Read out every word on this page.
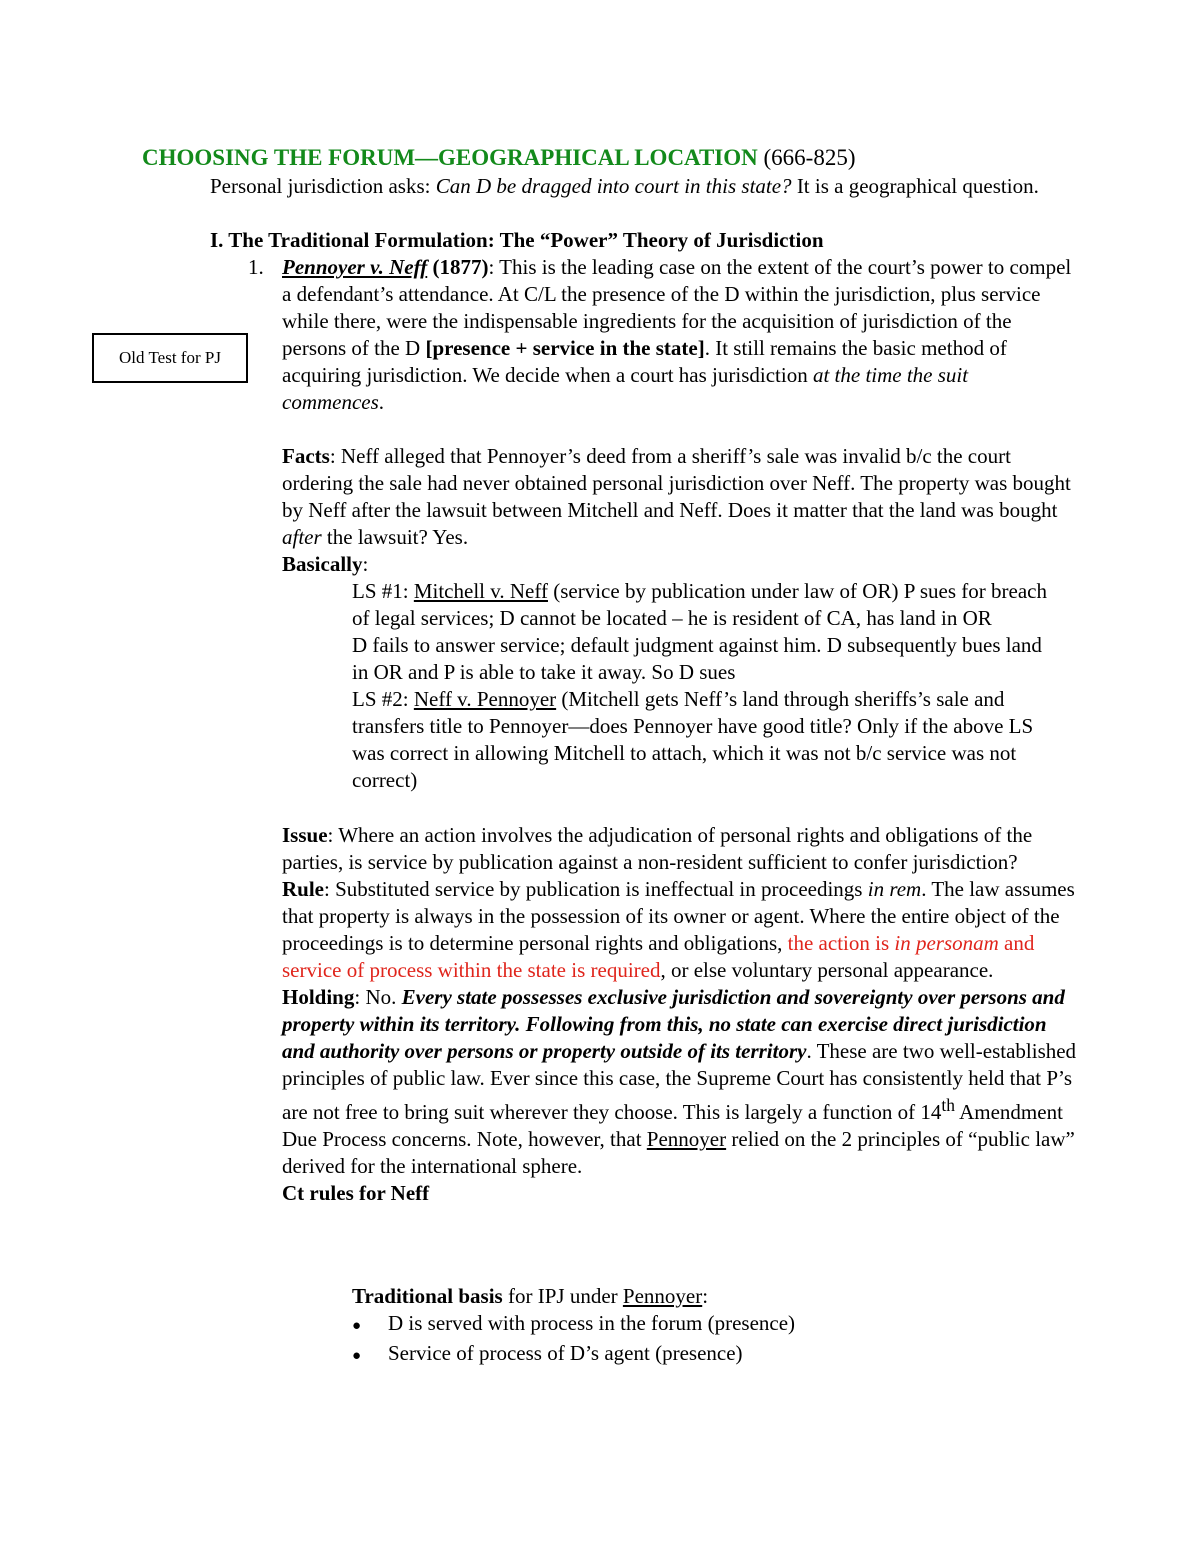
CHOOSING THE FORUM—GEOGRAPHICAL LOCATION (666-825)
Personal jurisdiction asks: Can D be dragged into court in this state? It is a geographical question.
I. The Traditional Formulation: The “Power” Theory of Jurisdiction
Old Test for PJ
1. Pennoyer v. Neff (1877): This is the leading case on the extent of the court’s power to compel a defendant’s attendance. At C/L the presence of the D within the jurisdiction, plus service while there, were the indispensable ingredients for the acquisition of jurisdiction of the persons of the D [presence + service in the state]. It still remains the basic method of acquiring jurisdiction. We decide when a court has jurisdiction at the time the suit commences.

Facts: Neff alleged that Pennoyer’s deed from a sheriff’s sale was invalid b/c the court ordering the sale had never obtained personal jurisdiction over Neff. The property was bought by Neff after the lawsuit between Mitchell and Neff. Does it matter that the land was bought after the lawsuit? Yes.

Basically:

LS #1: Mitchell v. Neff (service by publication under law of OR) P sues for breach of legal services; D cannot be located – he is resident of CA, has land in OR

D fails to answer service; default judgment against him. D subsequently bues land in OR and P is able to take it away. So D sues

LS #2: Neff v. Pennoyer (Mitchell gets Neff’s land through sheriffs’s sale and transfers title to Pennoyer—does Pennoyer have good title? Only if the above LS was correct in allowing Mitchell to attach, which it was not b/c service was not correct)

Issue: Where an action involves the adjudication of personal rights and obligations of the parties, is service by publication against a non-resident sufficient to confer jurisdiction?

Rule: Substituted service by publication is ineffectual in proceedings in rem. The law assumes that property is always in the possession of its owner or agent. Where the entire object of the proceedings is to determine personal rights and obligations, the action is in personam and service of process within the state is required, or else voluntary personal appearance.

Holding: No. Every state possesses exclusive jurisdiction and sovereignty over persons and property within its territory. Following from this, no state can exercise direct jurisdiction and authority over persons or property outside of its territory. These are two well-established principles of public law. Ever since this case, the Supreme Court has consistently held that P’s are not free to bring suit wherever they choose. This is largely a function of 14th Amendment Due Process concerns. Note, however, that Pennoyer relied on the 2 principles of “public law” derived for the international sphere.

Ct rules for Neff

Traditional basis for IPJ under Pennoyer:
●	D is served with process in the forum (presence)
●	Service of process of D’s agent (presence)
